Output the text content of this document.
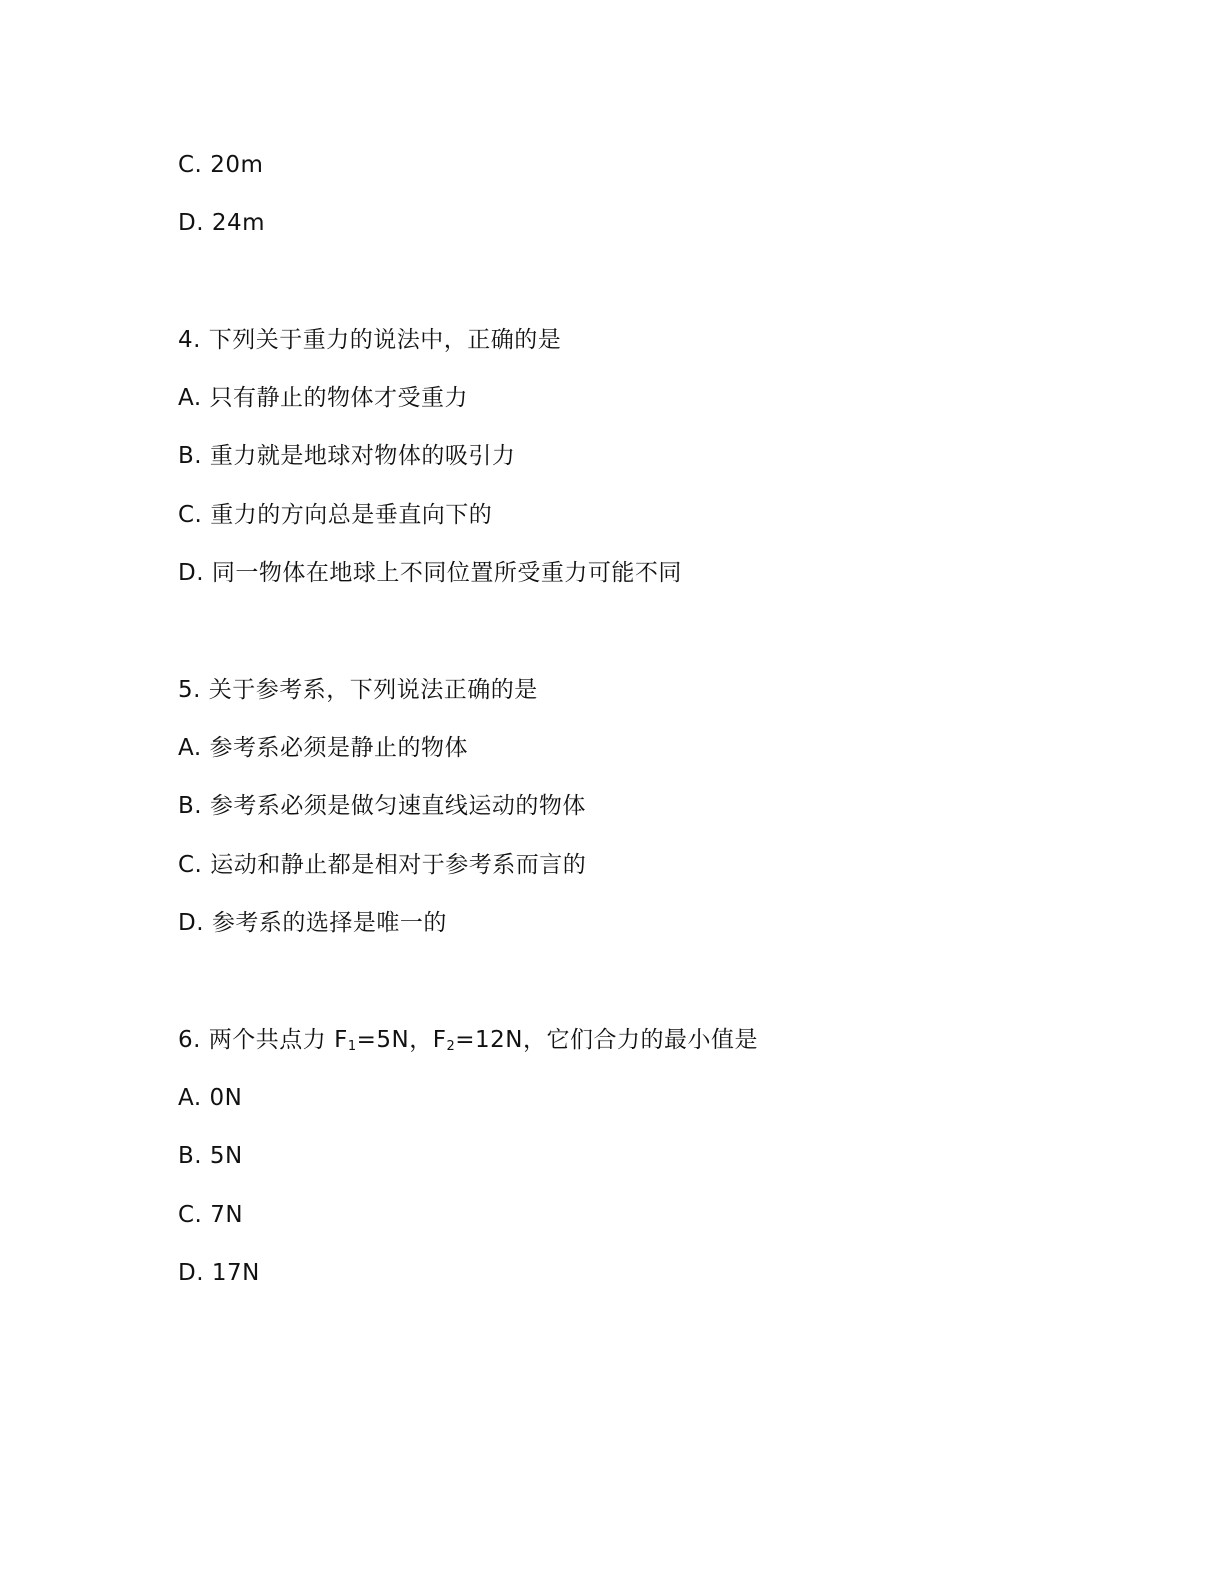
C. 20m
D. 24m
4. 下列关于重力的说法中，正确的是
A. 只有静止的物体才受重力
B. 重力就是地球对物体的吸引力
C. 重力的方向总是垂直向下的
D. 同一物体在地球上不同位置所受重力可能不同
5. 关于参考系，下列说法正确的是
A. 参考系必须是静止的物体
B. 参考系必须是做匀速直线运动的物体
C. 运动和静止都是相对于参考系而言的
D. 参考系的选择是唯一的
6. 两个共点力 $F_1=5N$，$F_2=12N$，它们合力的最小值是
A. 0N
B. 5N
C. 7N
D. 17N
